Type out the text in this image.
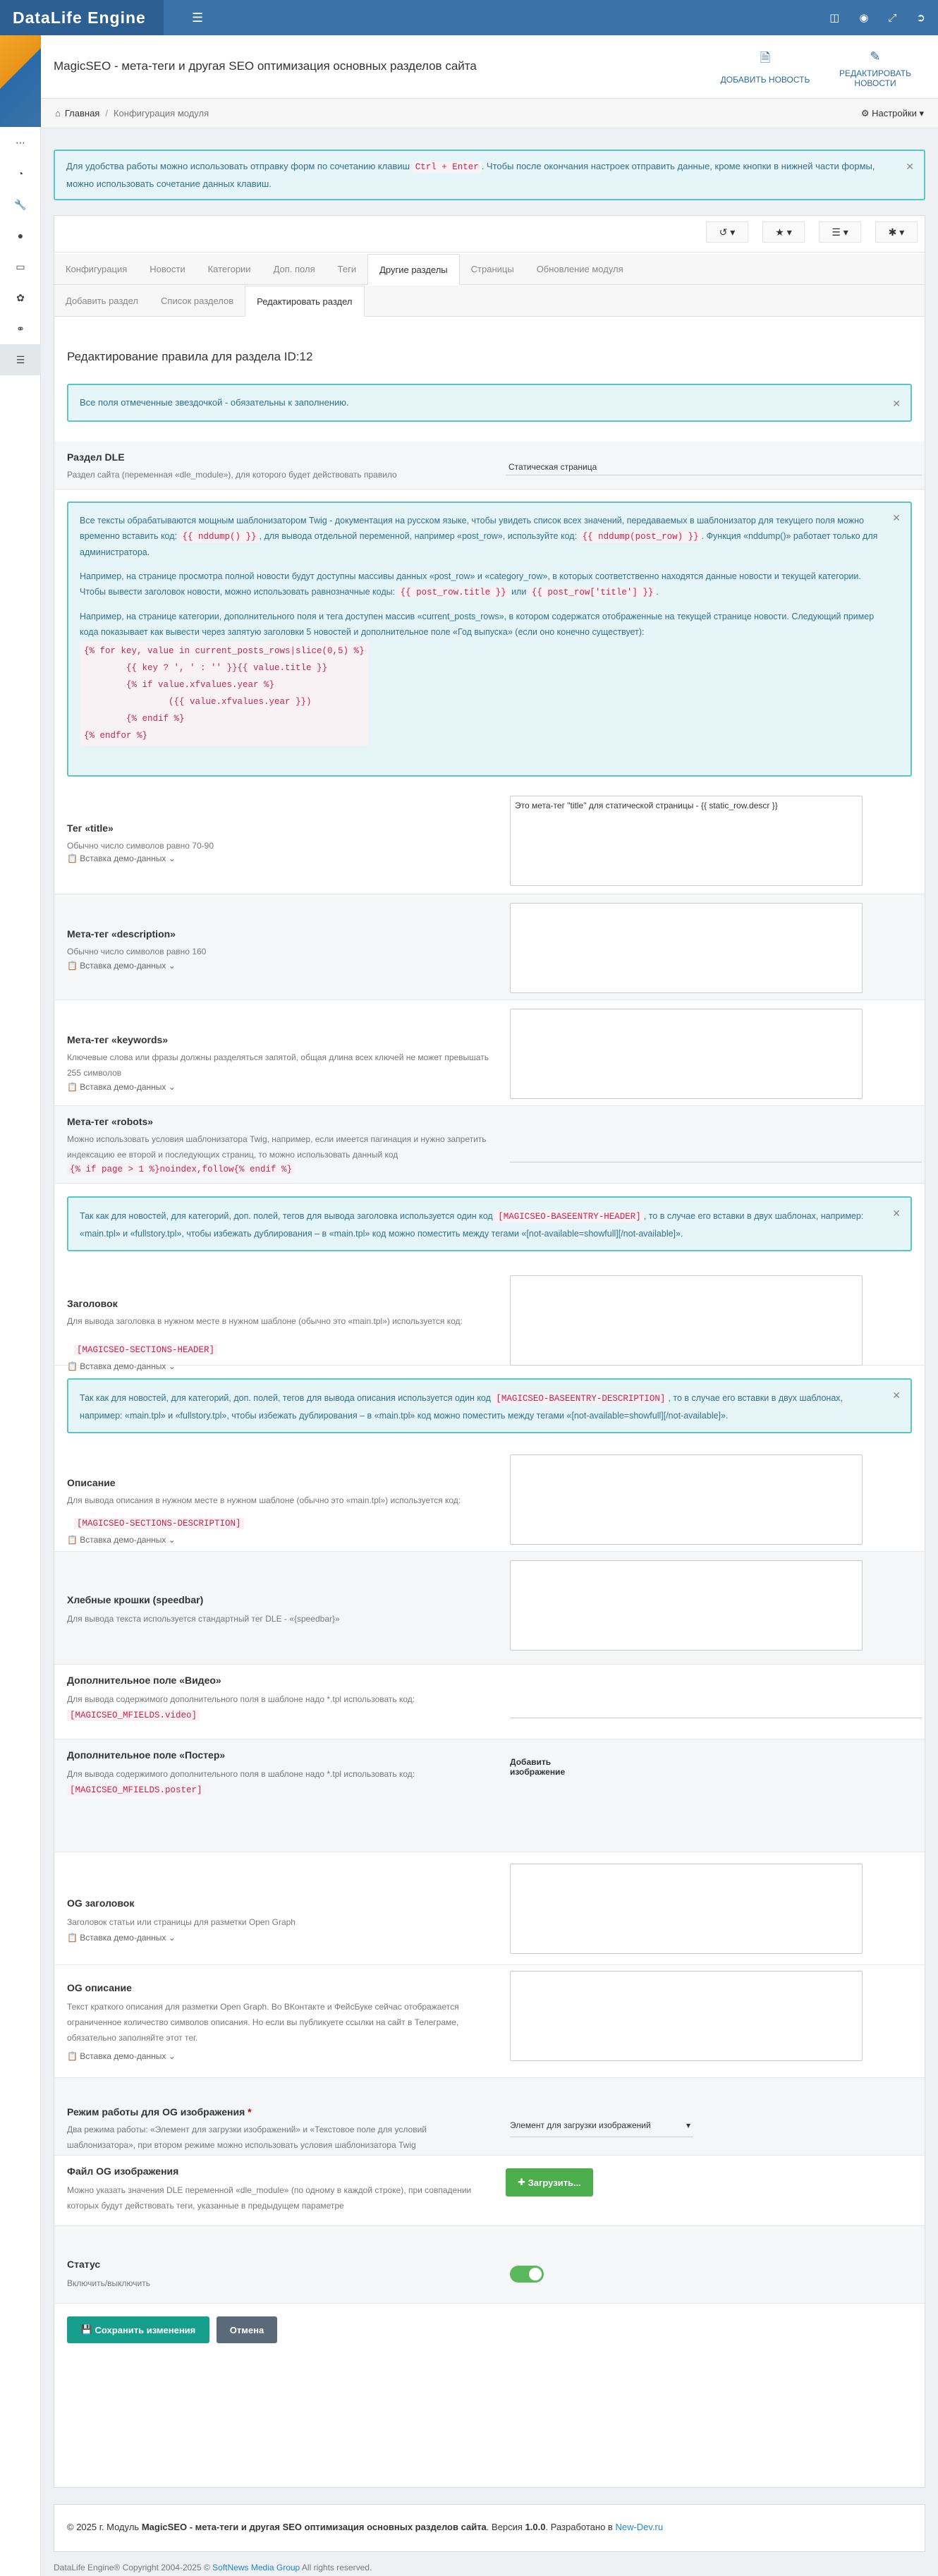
DataLife Engine	☰	◫ ◉ ⤢ ➲
⋯
◔
🔧
●
▭
✿
⚭
☰
MagicSEO - мета-теги и другая SEO оптимизация основных разделов сайта
🗎
ДОБАВИТЬ НОВОСТЬ
✎
РЕДАКТИРОВАТЬ НОВОСТИ
⌂ Главная / Конфигурация модуля	⚙ Настройки ▾
Для удобства работы можно использовать отправку форм по сочетанию клавиш Ctrl + Enter . Чтобы после окончания настроек отправить данные, кроме кнопки в нижней части формы, можно использовать сочетание данных клавиш.
✕
↺ ▾	★ ▾	☰ ▾	✱ ▾
Конфигурация	Новости	Категории	Доп. поля	Теги	Другие разделы	Страницы	Обновление модуля
Добавить раздел	Список разделов	Редактировать раздел
Редактирование правила для раздела ID:12
Все поля отмеченные звездочкой - обязательны к заполнению.	✕
Раздел DLE
Раздел сайта (переменная «dle_module»), для которого будет действовать правило
Статическая страница
Все тексты обрабатываются мощным шаблонизатором Twig - документация на русском языке, чтобы увидеть список всех значений, передаваемых в шаблонизатор для текущего поля можно временно вставить код: {{ nddump() }} , для вывода отдельной переменной, например «post_row», используйте код: {{ nddump(post_row) }} . Функция «nddump()» работает только для администратора.
Например, на странице просмотра полной новости будут доступны массивы данных «post_row» и «category_row», в которых соответственно находятся данные новости и текущей категории. Чтобы вывести заголовок новости, можно использовать равнозначные коды: {{ post_row.title }} или {{ post_row['title'] }} .
Например, на странице категории, дополнительного поля и тега доступен массив «current_posts_rows», в котором содержатся отображенные на текущей странице новости. Следующий пример кода показывает как вывести через запятую заголовки 5 новостей и дополнительное поле «Год выпуска» (если оно конечно существует):
{% for key, value in current_posts_rows|slice(0,5) %}
{{ key ? ', ' : '' }}{{ value.title }}
{% if value.xfvalues.year %}
({{ value.xfvalues.year }})
{% endif %}
{% endfor %}
✕
Тег «title»
Обычно число символов равно 70-90
📋 Вставка демо-данных ⌄
Это мета-тег "title" для статической страницы - {{ static_row.descr }}
Мета-тег «description»
Обычно число символов равно 160
📋 Вставка демо-данных ⌄
Мета-тег «keywords»
Ключевые слова или фразы должны разделяться запятой, общая длина всех ключей не может превышать 255 символов
📋 Вставка демо-данных ⌄
Мета-тег «robots»
Можно использовать условия шаблонизатора Twig, например, если имеется пагинация и нужно запретить индексацию ее второй и последующих страниц, то можно использовать данный код
{% if page > 1 %}noindex,follow{% endif %}
Так как для новостей, для категорий, доп. полей, тегов для вывода заголовка используется один код [MAGICSEO-BASEENTRY-HEADER] , то в случае его вставки в двух шаблонах, например: «main.tpl» и «fullstory.tpl», чтобы избежать дублирования – в «main.tpl» код можно поместить между тегами «[not-available=showfull][/not-available]».
✕
Заголовок
Для вывода заголовка в нужном месте в нужном шаблоне (обычно это «main.tpl») используется код:
[MAGICSEO-SECTIONS-HEADER]
📋 Вставка демо-данных ⌄
Так как для новостей, для категорий, доп. полей, тегов для вывода описания используется один код [MAGICSEO-BASEENTRY-DESCRIPTION] , то в случае его вставки в двух шаблонах, например: «main.tpl» и «fullstory.tpl», чтобы избежать дублирования – в «main.tpl» код можно поместить между тегами «[not-available=showfull][/not-available]».
✕
Описание
Для вывода описания в нужном месте в нужном шаблоне (обычно это «main.tpl») используется код:
[MAGICSEO-SECTIONS-DESCRIPTION]
📋 Вставка демо-данных ⌄
Хлебные крошки (speedbar)
Для вывода текста используется стандартный тег DLE - «{speedbar}»
Дополнительное поле «Видео»
Для вывода содержимого дополнительного поля в шаблоне надо *.tpl использовать код:
[MAGICSEO_MFIELDS.video]
Дополнительное поле «Постер»
Для вывода содержимого дополнительного поля в шаблоне надо *.tpl использовать код:
[MAGICSEO_MFIELDS.poster]
Добавить изображение
OG заголовок
Заголовок статьи или страницы для разметки Open Graph
📋 Вставка демо-данных ⌄
OG описание
Текст краткого описания для разметки Open Graph. Во ВКонтакте и ФейсБуке сейчас отображается ограниченное количество символов описания. Но если вы публикуете ссылки на сайт в Телеграме, обязательно заполняйте этот тег.
📋 Вставка демо-данных ⌄
Режим работы для OG изображения *
Два режима работы: «Элемент для загрузки изображений» и «Текстовое поле для условий шаблонизатора», при втором режиме можно использовать условия шаблонизатора Twig
Элемент для загрузки изображений	▾
Файл OG изображения
Можно указать значения DLE переменной «dle_module» (по одному в каждой строке), при совпадении которых будут действовать теги, указанные в предыдущем параметре
✚
Загрузить...
Статус
Включить/выключить
💾
Сохранить изменения	Отмена
© 2025 г. Модуль MagicSEO - мета-теги и другая SEO оптимизация основных разделов сайта. Версия 1.0.0. Разработано в New-Dev.ru
DataLife Engine® Copyright 2004-2025 © SoftNews Media Group All rights reserved.
